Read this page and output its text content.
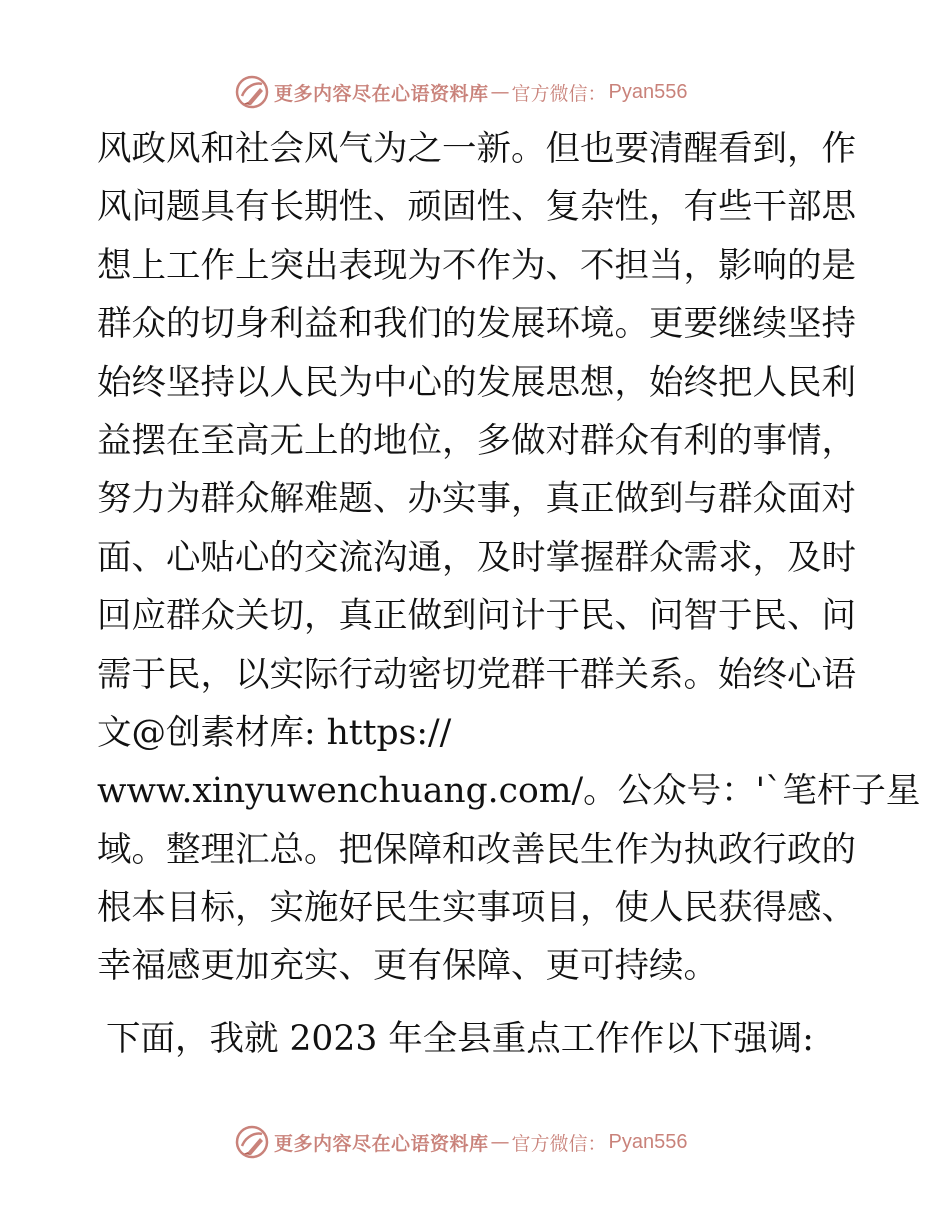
更多内容尽在心语资料库 — 官方微信： Pyan556
风政风和社会风气为之一新。但也要清醒看到，作
风问题具有长期性、顽固性、复杂性，有些干部思
想上工作上突出表现为不作为、不担当，影响的是
群众的切身利益和我们的发展环境。更要继续坚持
始终坚持以人民为中心的发展思想，始终把人民利
益摆在至高无上的地位，多做对群众有利的事情，
努力为群众解难题、办实事，真正做到与群众面对
面、心贴心的交流沟通，及时掌握群众需求，及时
回应群众关切，真正做到问计于民、问智于民、问
需于民，以实际行动密切党群干群关系。始终心语
文@创素材库: https://
www.xinyuwenchuang.com/。公众号：'`笔杆子星
域。整理汇总。把保障和改善民生作为执政行政的
根本目标，实施好民生实事项目，使人民获得感、
幸福感更加充实、更有保障、更可持续。
下面，我就 2023 年全县重点工作作以下强调:
更多内容尽在心语资料库 — 官方微信： Pyan556
